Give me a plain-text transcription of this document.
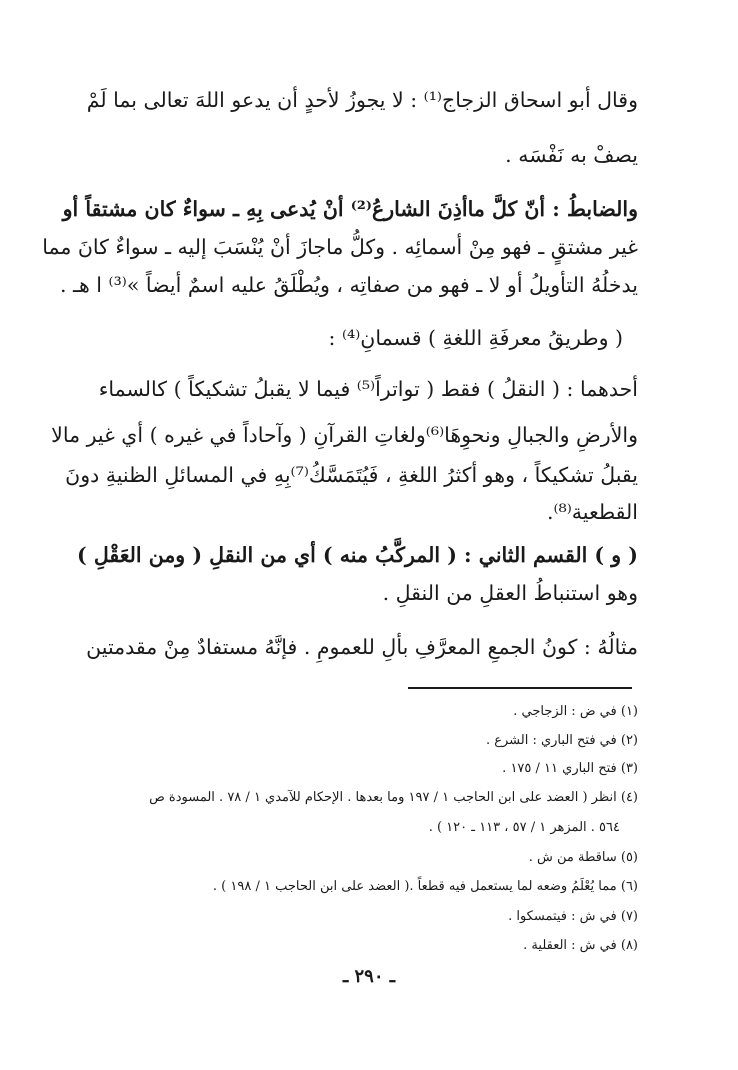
وقال أبو اسحاق الزجاج⁽¹⁾ : لا يجوزُ لأحدٍ أن يدعو اللهَ تعالى بما لَمْ
يصفْ به نَفْسَه .
والضابطُ : أنّ كلَّ ماأذِنَ الشارعُ⁽²⁾ أنْ يُدعى بِهِ ـ سواءٌ كان مشتقاً أو
غير مشتقٍ ـ فهو مِنْ أسمائِه . وكلُّ ماجازَ أنْ يُنْسَبَ إليه ـ سواءٌ كانَ مما
يدخلُهُ التأويلُ أو لا ـ فهو من صفاتِه ، ويُطْلَقُ عليه اسمٌ أيضاً »⁽³⁾ ا هـ .
( وطريقُ معرفَةِ اللغةِ ) قسمانِ⁽⁴⁾ :
أحدهما : ( النقلُ ) فقط ( تواتراً⁽⁵⁾ فيما لا يقبلُ تشكيكاً ) كالسماء
والأرضِ والجبالِ ونحوِهَا⁽⁶⁾ولغاتِ القرآنِ ( وآحاداً في غيره ) أي غير مالا
يقبلُ تشكيكاً ، وهو أكثرُ اللغةِ ، فَيُتَمَسَّكُ⁽⁷⁾بِهِ في المسائلِ الظنيةِ دونَ
القطعية⁽⁸⁾.
( و ) القسم الثاني : ( المركَّبُ منه ) أي من النقلِ ( ومن العَقْلِ )
وهو استنباطُ العقلِ من النقلِ .
مثالُهُ : كونُ الجمعِ المعرَّفِ بألِ للعمومِ . فإنَّهُ مستفادٌ مِنْ مقدمتين
(١) في ض : الزجاجي .
(٢) في فتح الباري : الشرع .
(٣) فتح الباري ١١ / ١٧٥ .
(٤) انظر ( العضد على ابن الحاجب ١ / ١٩٧ وما بعدها . الإحكام للآمدي ١ / ٧٨ . المسودة ص
٥٦٤ . المزهر ١ / ٥٧ ، ١١٣ ـ ١٢٠ ) .
(٥) ساقطة من ش .
(٦) مما يُعْلَمُ وضعه لما يستعمل فيه قطعاً .( العضد على ابن الحاجب ١ / ١٩٨ ) .
(٧) في ش : فيتمسكوا .
(٨) في ش : العقلية .
ـ ٢٩٠ ـ
